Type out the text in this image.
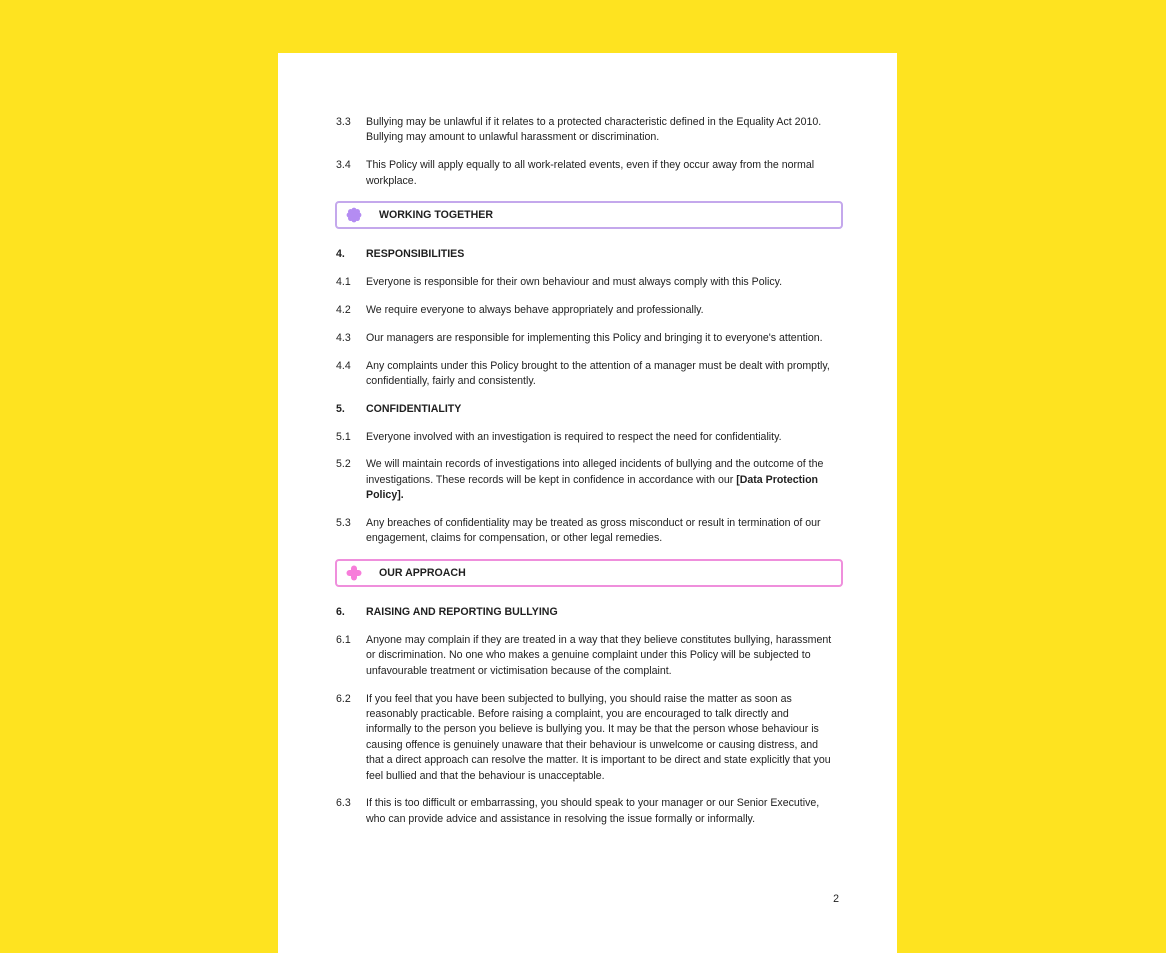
3.3	Bullying may be unlawful if it relates to a protected characteristic defined in the Equality Act 2010. Bullying may amount to unlawful harassment or discrimination.
3.4	This Policy will apply equally to all work-related events, even if they occur away from the normal workplace.
WORKING TOGETHER
4.	RESPONSIBILITIES
4.1	Everyone is responsible for their own behaviour and must always comply with this Policy.
4.2	We require everyone to always behave appropriately and professionally.
4.3	Our managers are responsible for implementing this Policy and bringing it to everyone's attention.
4.4	Any complaints under this Policy brought to the attention of a manager must be dealt with promptly, confidentially, fairly and consistently.
5.	CONFIDENTIALITY
5.1	Everyone involved with an investigation is required to respect the need for confidentiality.
5.2	We will maintain records of investigations into alleged incidents of bullying and the outcome of the investigations. These records will be kept in confidence in accordance with our [Data Protection Policy].
5.3	Any breaches of confidentiality may be treated as gross misconduct or result in termination of our engagement, claims for compensation, or other legal remedies.
OUR APPROACH
6.	RAISING AND REPORTING BULLYING
6.1	Anyone may complain if they are treated in a way that they believe constitutes bullying, harassment or discrimination. No one who makes a genuine complaint under this Policy will be subjected to unfavourable treatment or victimisation because of the complaint.
6.2	If you feel that you have been subjected to bullying, you should raise the matter as soon as reasonably practicable. Before raising a complaint, you are encouraged to talk directly and informally to the person you believe is bullying you. It may be that the person whose behaviour is causing offence is genuinely unaware that their behaviour is unwelcome or causing distress, and that a direct approach can resolve the matter. It is important to be direct and state explicitly that you feel bullied and that the behaviour is unacceptable.
6.3	If this is too difficult or embarrassing, you should speak to your manager or our Senior Executive, who can provide advice and assistance in resolving the issue formally or informally.
2
